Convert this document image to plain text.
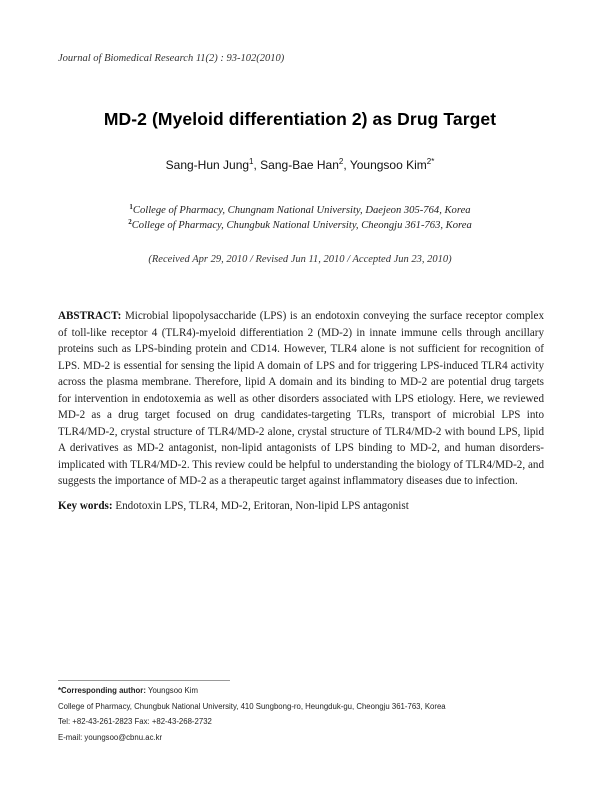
Journal of Biomedical Research 11(2) : 93-102(2010)
MD-2 (Myeloid differentiation 2) as Drug Target
Sang-Hun Jung$^1$, Sang-Bae Han$^2$, Youngsoo Kim$^{2*}$
$^1$College of Pharmacy, Chungnam National University, Daejeon 305-764, Korea
$^2$College of Pharmacy, Chungbuk National University, Cheongju 361-763, Korea
(Received Apr 29, 2010 / Revised Jun 11, 2010 / Accepted Jun 23, 2010)
ABSTRACT: Microbial lipopolysaccharide (LPS) is an endotoxin conveying the surface receptor complex of toll-like receptor 4 (TLR4)-myeloid differentiation 2 (MD-2) in innate immune cells through ancillary proteins such as LPS-binding protein and CD14. However, TLR4 alone is not sufficient for recognition of LPS. MD-2 is essential for sensing the lipid A domain of LPS and for triggering LPS-induced TLR4 activity across the plasma membrane. Therefore, lipid A domain and its binding to MD-2 are potential drug targets for intervention in endotoxemia as well as other disorders associated with LPS etiology. Here, we reviewed MD-2 as a drug target focused on drug candidates-targeting TLRs, transport of microbial LPS into TLR4/MD-2, crystal structure of TLR4/MD-2 alone, crystal structure of TLR4/MD-2 with bound LPS, lipid A derivatives as MD-2 antagonist, non-lipid antagonists of LPS binding to MD-2, and human disorders-implicated with TLR4/MD-2. This review could be helpful to understanding the biology of TLR4/MD-2, and suggests the importance of MD-2 as a therapeutic target against inflammatory diseases due to infection.
Key words: Endotoxin LPS, TLR4, MD-2, Eritoran, Non-lipid LPS antagonist
*Corresponding author: Youngsoo Kim
College of Pharmacy, Chungbuk National University, 410 Sungbong-ro, Heungduk-gu, Cheongju 361-763, Korea
Tel: +82-43-261-2823 Fax: +82-43-268-2732
E-mail: youngsoo@cbnu.ac.kr
